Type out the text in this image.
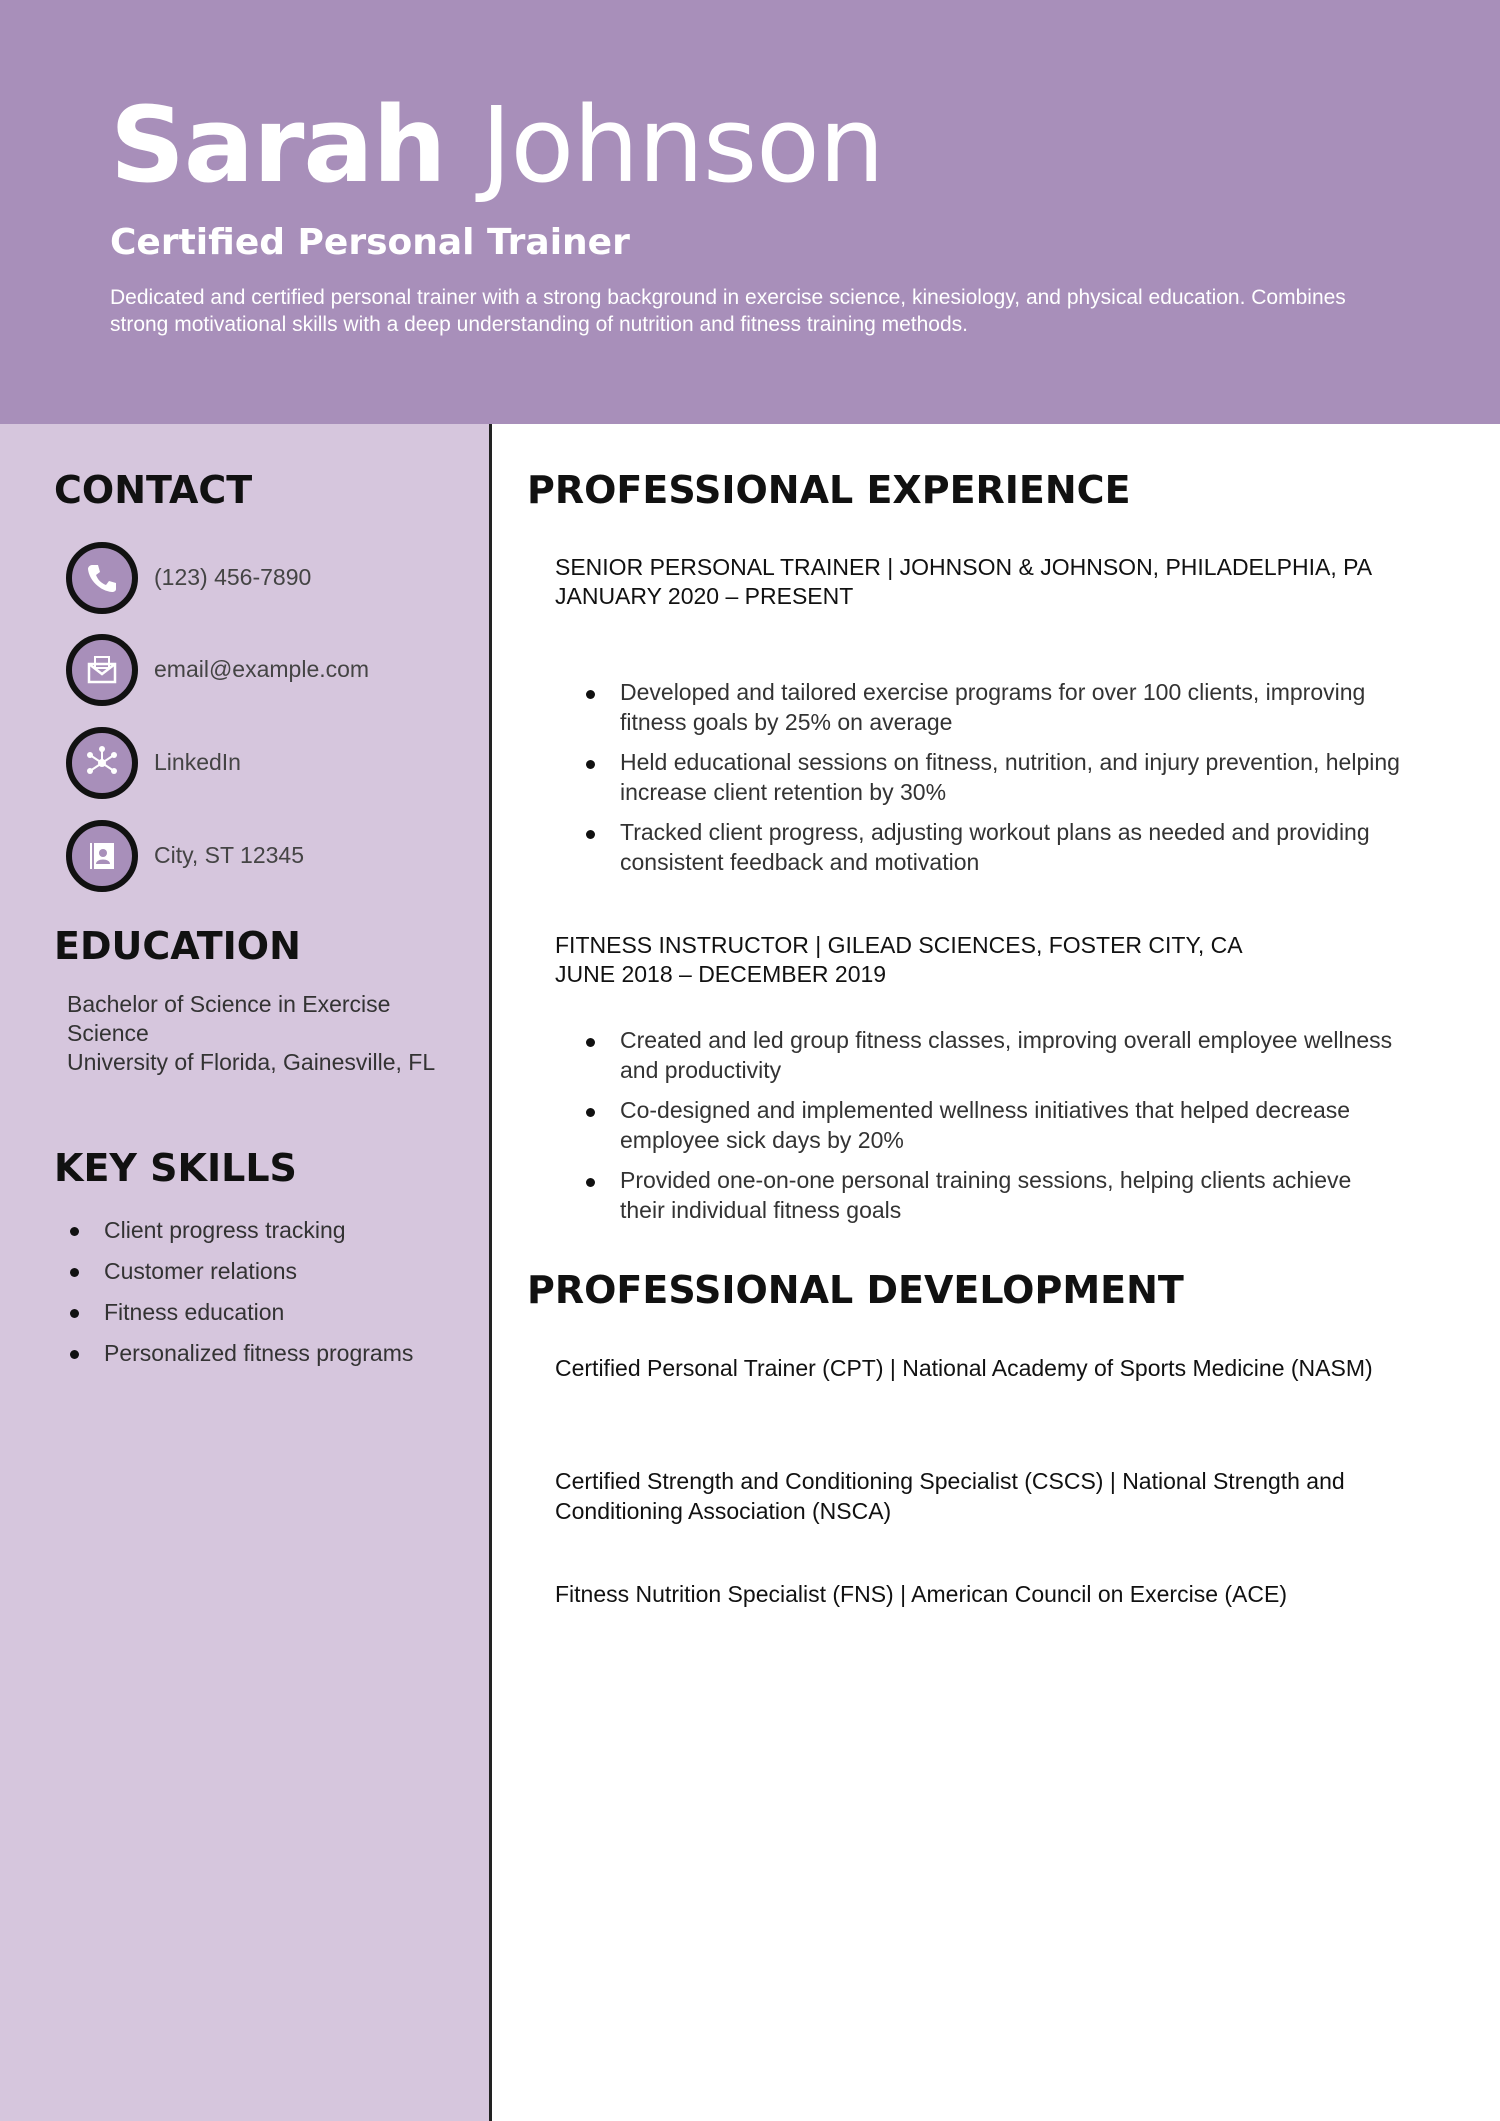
Sarah Johnson
Certified Personal Trainer

Dedicated and certified personal trainer with a strong background in exercise science, kinesiology, and physical education. Combines strong motivational skills with a deep understanding of nutrition and fitness training methods.

CONTACT
(123) 456-7890
email@example.com
LinkedIn
City, ST 12345
EDUCATION
Bachelor of Science in Exercise Science
University of Florida, Gainesville, FL
KEY SKILLS
Client progress tracking
Customer relations
Fitness education
Personalized fitness programs
PROFESSIONAL EXPERIENCE
SENIOR PERSONAL TRAINER | JOHNSON & JOHNSON, PHILADELPHIA, PA
JANUARY 2020 – PRESENT
Developed and tailored exercise programs for over 100 clients, improving fitness goals by 25% on average
Held educational sessions on fitness, nutrition, and injury prevention, helping increase client retention by 30%
Tracked client progress, adjusting workout plans as needed and providing consistent feedback and motivation
FITNESS INSTRUCTOR | GILEAD SCIENCES, FOSTER CITY, CA
JUNE 2018 – DECEMBER 2019
Created and led group fitness classes, improving overall employee wellness and productivity
Co-designed and implemented wellness initiatives that helped decrease employee sick days by 20%
Provided one-on-one personal training sessions, helping clients achieve their individual fitness goals
PROFESSIONAL DEVELOPMENT

Certified Personal Trainer (CPT) | National Academy of Sports Medicine (NASM)

Certified Strength and Conditioning Specialist (CSCS) | National Strength and Conditioning Association (NSCA)

Fitness Nutrition Specialist (FNS) | American Council on Exercise (ACE)
